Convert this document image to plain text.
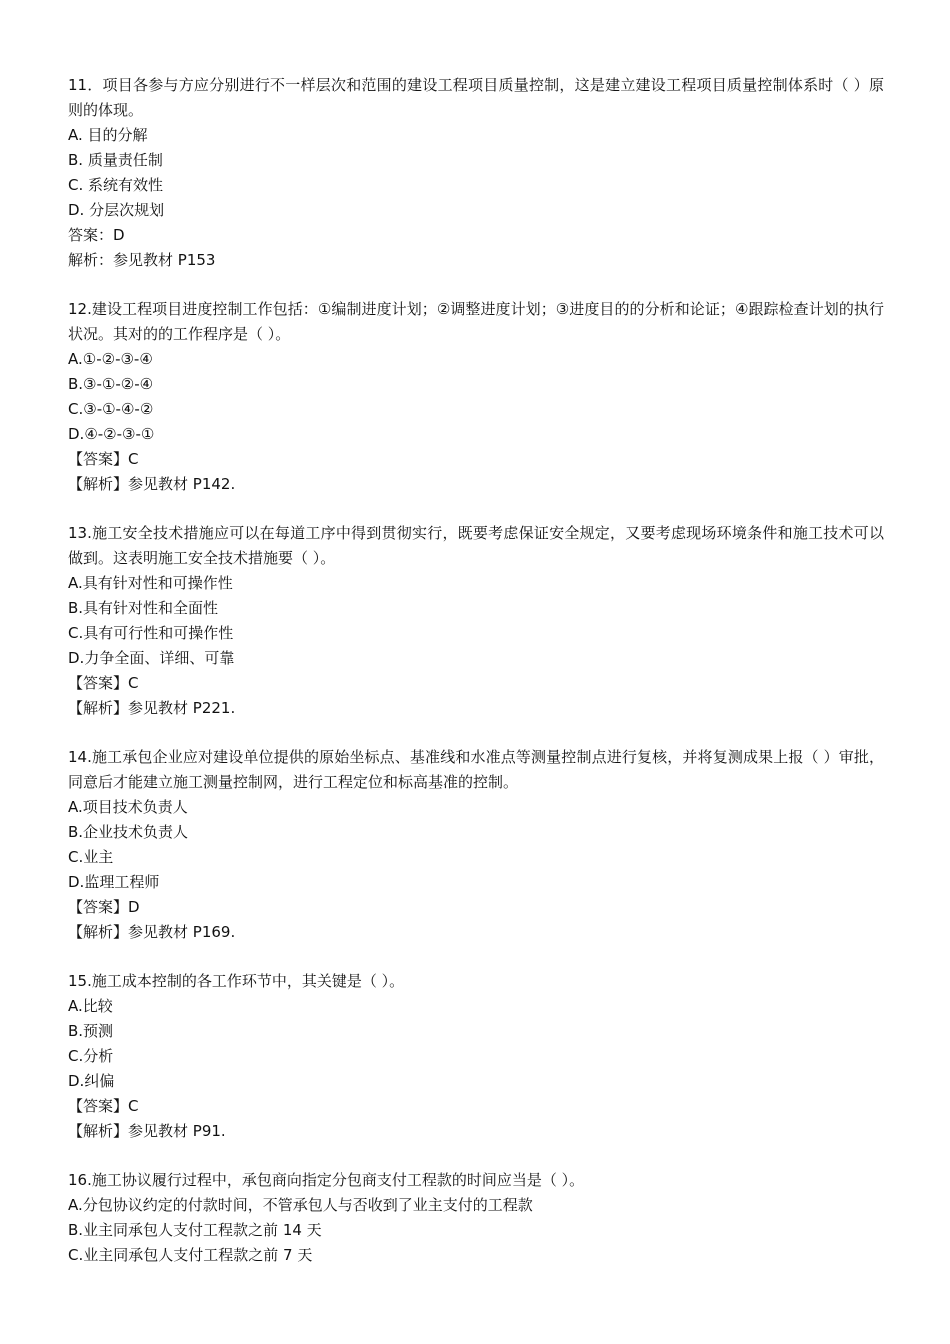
11．项目各参与方应分别进行不一样层次和范围的建设工程项目质量控制，这是建立建设工程项目质量控制体系时（ ）原则的体现。
A. 目的分解
B. 质量责任制
C. 系统有效性
D. 分层次规划
答案：D
解析：参见教材 P153
12.建设工程项目进度控制工作包括：①编制进度计划；②调整进度计划；③进度目的的分析和论证；④跟踪检查计划的执行状况。其对的的工作程序是（ ）。
A.①-②-③-④
B.③-①-②-④
C.③-①-④-②
D.④-②-③-①
【答案】C
【解析】参见教材 P142.
13.施工安全技术措施应可以在每道工序中得到贯彻实行，既要考虑保证安全规定，又要考虑现场环境条件和施工技术可以做到。这表明施工安全技术措施要（ ）。
A.具有针对性和可操作性
B.具有针对性和全面性
C.具有可行性和可操作性
D.力争全面、详细、可靠
【答案】C
【解析】参见教材 P221.
14.施工承包企业应对建设单位提供的原始坐标点、基准线和水准点等测量控制点进行复核，并将复测成果上报（ ）审批，同意后才能建立施工测量控制网，进行工程定位和标高基准的控制。
A.项目技术负责人
B.企业技术负责人
C.业主
D.监理工程师
【答案】D
【解析】参见教材 P169.
15.施工成本控制的各工作环节中，其关键是（ ）。
A.比较
B.预测
C.分析
D.纠偏
【答案】C
【解析】参见教材 P91.
16.施工协议履行过程中，承包商向指定分包商支付工程款的时间应当是（ ）。
A.分包协议约定的付款时间，不管承包人与否收到了业主支付的工程款
B.业主同承包人支付工程款之前 14 天
C.业主同承包人支付工程款之前 7 天
